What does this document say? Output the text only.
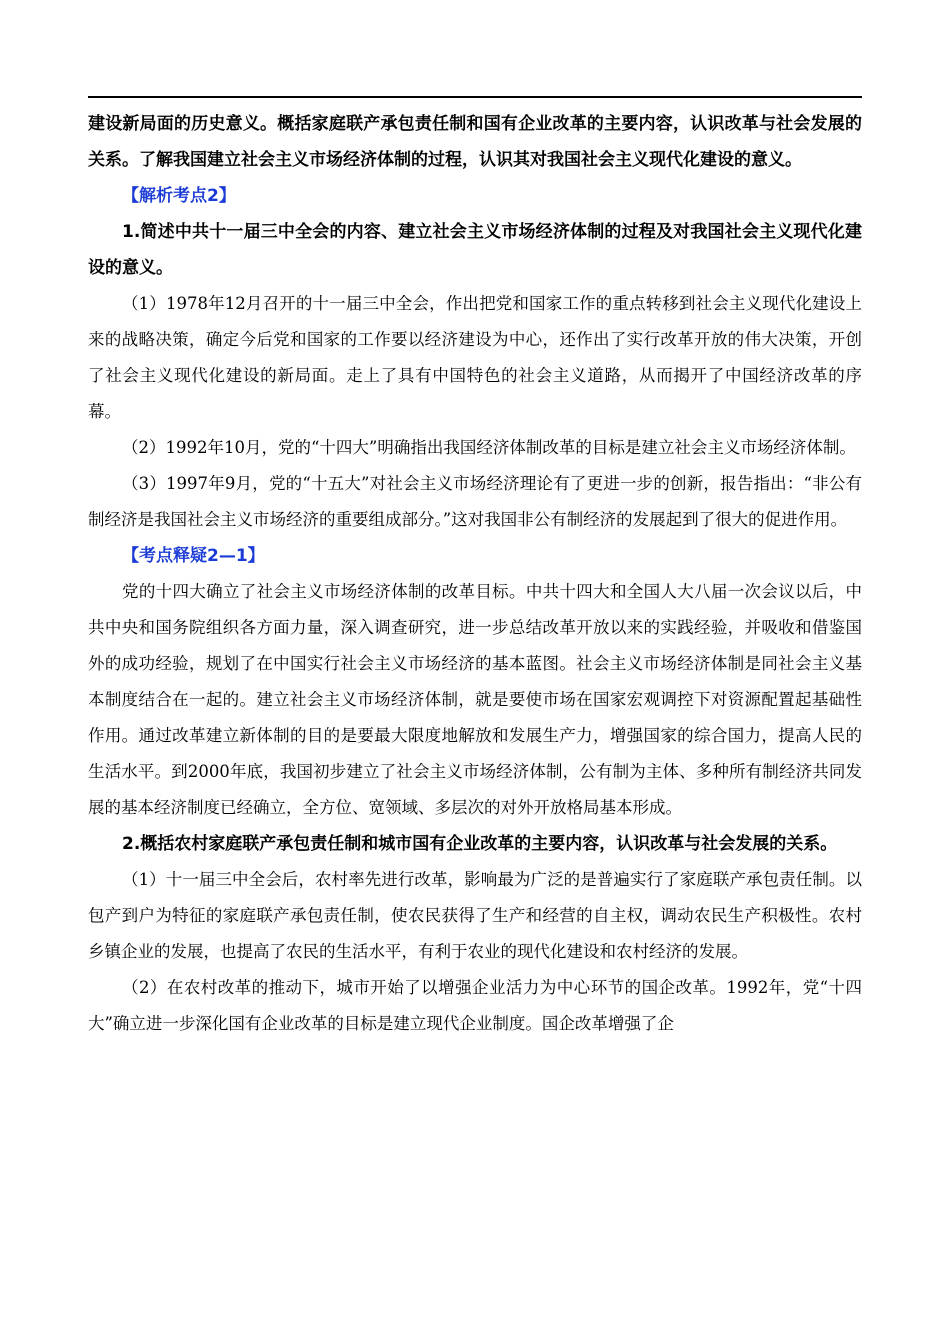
建设新局面的历史意义。概括家庭联产承包责任制和国有企业改革的主要内容，认识改革与社会发展的关系。了解我国建立社会主义市场经济体制的过程，认识其对我国社会主义现代化建设的意义。

【解析考点2】

1.简述中共十一届三中全会的内容、建立社会主义市场经济体制的过程及对我国社会主义现代化建设的意义。

（1）1978年12月召开的十一届三中全会，作出把党和国家工作的重点转移到社会主义现代化建设上来的战略决策，确定今后党和国家的工作要以经济建设为中心，还作出了实行改革开放的伟大决策，开创了社会主义现代化建设的新局面。走上了具有中国特色的社会主义道路，从而揭开了中国经济改革的序幕。

（2）1992年10月，党的“十四大”明确指出我国经济体制改革的目标是建立社会主义市场经济体制。

（3）1997年9月，党的“十五大”对社会主义市场经济理论有了更进一步的创新，报告指出：“非公有制经济是我国社会主义市场经济的重要组成部分。”这对我国非公有制经济的发展起到了很大的促进作用。

【考点释疑2—1】

党的十四大确立了社会主义市场经济体制的改革目标。中共十四大和全国人大八届一次会议以后，中共中央和国务院组织各方面力量，深入调查研究，进一步总结改革开放以来的实践经验，并吸收和借鉴国外的成功经验，规划了在中国实行社会主义市场经济的基本蓝图。社会主义市场经济体制是同社会主义基本制度结合在一起的。建立社会主义市场经济体制，就是要使市场在国家宏观调控下对资源配置起基础性作用。通过改革建立新体制的目的是要最大限度地解放和发展生产力，增强国家的综合国力，提高人民的生活水平。到2000年底，我国初步建立了社会主义市场经济体制，公有制为主体、多种所有制经济共同发展的基本经济制度已经确立，全方位、宽领域、多层次的对外开放格局基本形成。

2.概括农村家庭联产承包责任制和城市国有企业改革的主要内容，认识改革与社会发展的关系。

（1）十一届三中全会后，农村率先进行改革，影响最为广泛的是普遍实行了家庭联产承包责任制。以包产到户为特征的家庭联产承包责任制，使农民获得了生产和经营的自主权，调动农民生产积极性。农村乡镇企业的发展，也提高了农民的生活水平，有利于农业的现代化建设和农村经济的发展。

（2）在农村改革的推动下，城市开始了以增强企业活力为中心环节的国企改革。1992年，党“十四大”确立进一步深化国有企业改革的目标是建立现代企业制度。国企改革增强了企
